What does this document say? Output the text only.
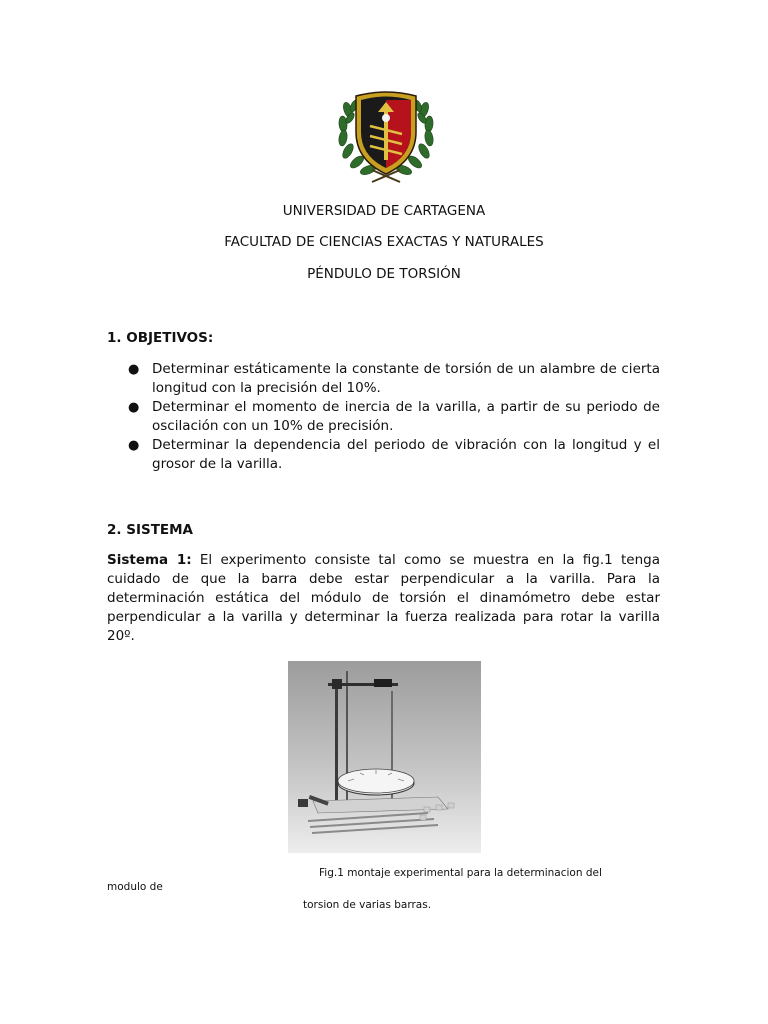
UNIVERSIDAD DE CARTAGENA
FACULTAD DE CIENCIAS EXACTAS Y NATURALES
PÉNDULO DE TORSIÓN
1. OBJETIVOS:
● Determinar estáticamente la constante de torsión de un alambre de cierta longitud con la precisión del 10%.
● Determinar el momento de inercia de la varilla, a partir de su periodo de oscilación con un 10% de precisión.
● Determinar la dependencia del periodo de vibración con la longitud y el grosor de la varilla.
2. SISTEMA
Sistema 1: El experimento consiste tal como se muestra en la fig.1 tenga cuidado de que la barra debe estar perpendicular a la varilla. Para la determinación estática del módulo de torsión el dinamómetro debe estar perpendicular a la varilla y determinar la fuerza realizada para rotar la varilla 20º.
Fig.1 montaje experimental para la determinacion del
modulo de
torsion de varias barras.
